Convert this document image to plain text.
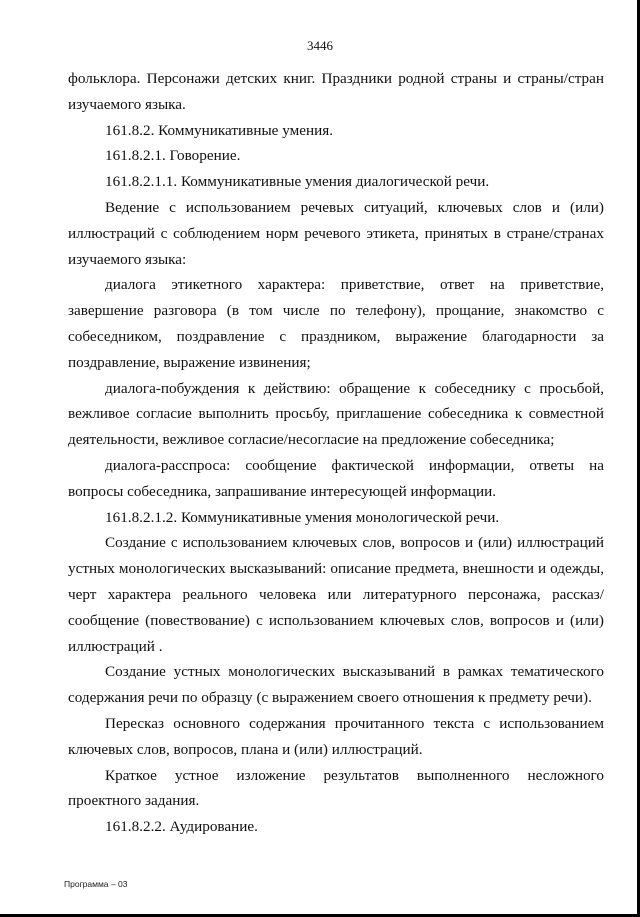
3446

фольклора. Персонажи детских книг. Праздники родной страны и страны/стран изучаемого языка.

161.8.2. Коммуникативные умения.

161.8.2.1. Говорение.

161.8.2.1.1. Коммуникативные умения диалогической речи.

Ведение с использованием речевых ситуаций, ключевых слов и (или) иллюстраций с соблюдением норм речевого этикета, принятых в стране/странах изучаемого языка:

диалога этикетного характера: приветствие, ответ на приветствие, завершение разговора (в том числе по телефону), прощание, знакомство с собеседником, поздравление с праздником, выражение благодарности за поздравление, выражение извинения;

диалога-побуждения к действию: обращение к собеседнику с просьбой, вежливое согласие выполнить просьбу, приглашение собеседника к совместной деятельности, вежливое согласие/несогласие на предложение собеседника;

диалога-расспроса: сообщение фактической информации, ответы на вопросы собеседника, запрашивание интересующей информации.

161.8.2.1.2. Коммуникативные умения монологической речи.

Создание с использованием ключевых слов, вопросов и (или) иллюстраций устных монологических высказываний: описание предмета, внешности и одежды, черт характера реального человека или литературного персонажа, рассказ/сообщение (повествование) с использованием ключевых слов, вопросов и (или) иллюстраций .

Создание устных монологических высказываний в рамках тематического содержания речи по образцу (с выражением своего отношения к предмету речи).

Пересказ основного содержания прочитанного текста с использованием ключевых слов, вопросов, плана и (или) иллюстраций.

Краткое устное изложение результатов выполненного несложного проектного задания.

161.8.2.2. Аудирование.

Программа – 03
